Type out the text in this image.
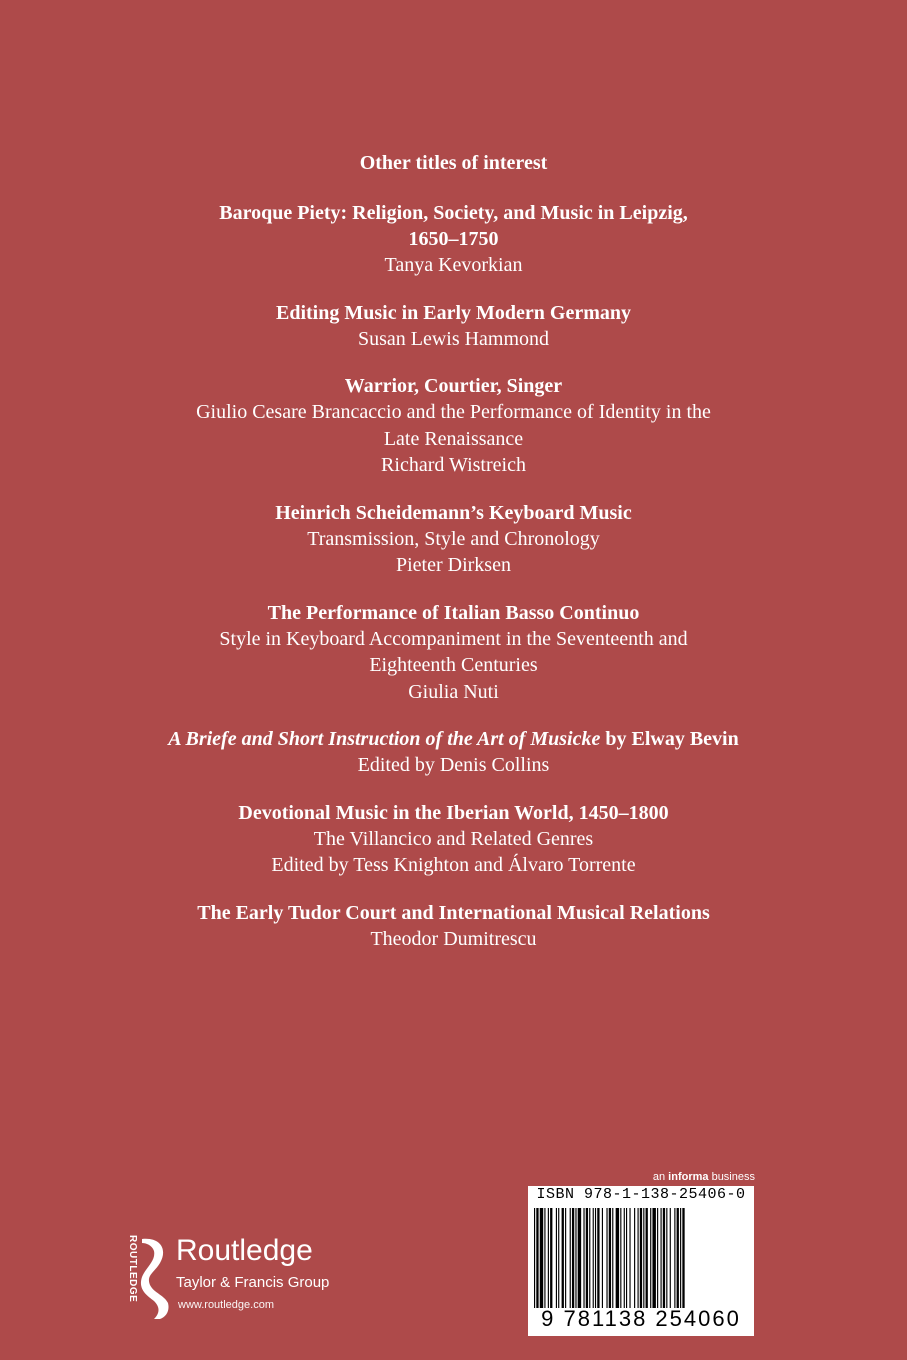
Other titles of interest
Baroque Piety: Religion, Society, and Music in Leipzig, 1650–1750
Tanya Kevorkian
Editing Music in Early Modern Germany
Susan Lewis Hammond
Warrior, Courtier, Singer
Giulio Cesare Brancaccio and the Performance of Identity in the Late Renaissance
Richard Wistreich
Heinrich Scheidemann’s Keyboard Music
Transmission, Style and Chronology
Pieter Dirksen
The Performance of Italian Basso Continuo
Style in Keyboard Accompaniment in the Seventeenth and Eighteenth Centuries
Giulia Nuti
A Briefe and Short Instruction of the Art of Musicke by Elway Bevin
Edited by Denis Collins
Devotional Music in the Iberian World, 1450–1800
The Villancico and Related Genres
Edited by Tess Knighton and Álvaro Torrente
The Early Tudor Court and International Musical Relations
Theodor Dumitrescu
ROUTLEDGE Routledge
Taylor & Francis Group
www.routledge.com
an informa business
ISBN 978-1-138-25406-0
9 781138 254060
